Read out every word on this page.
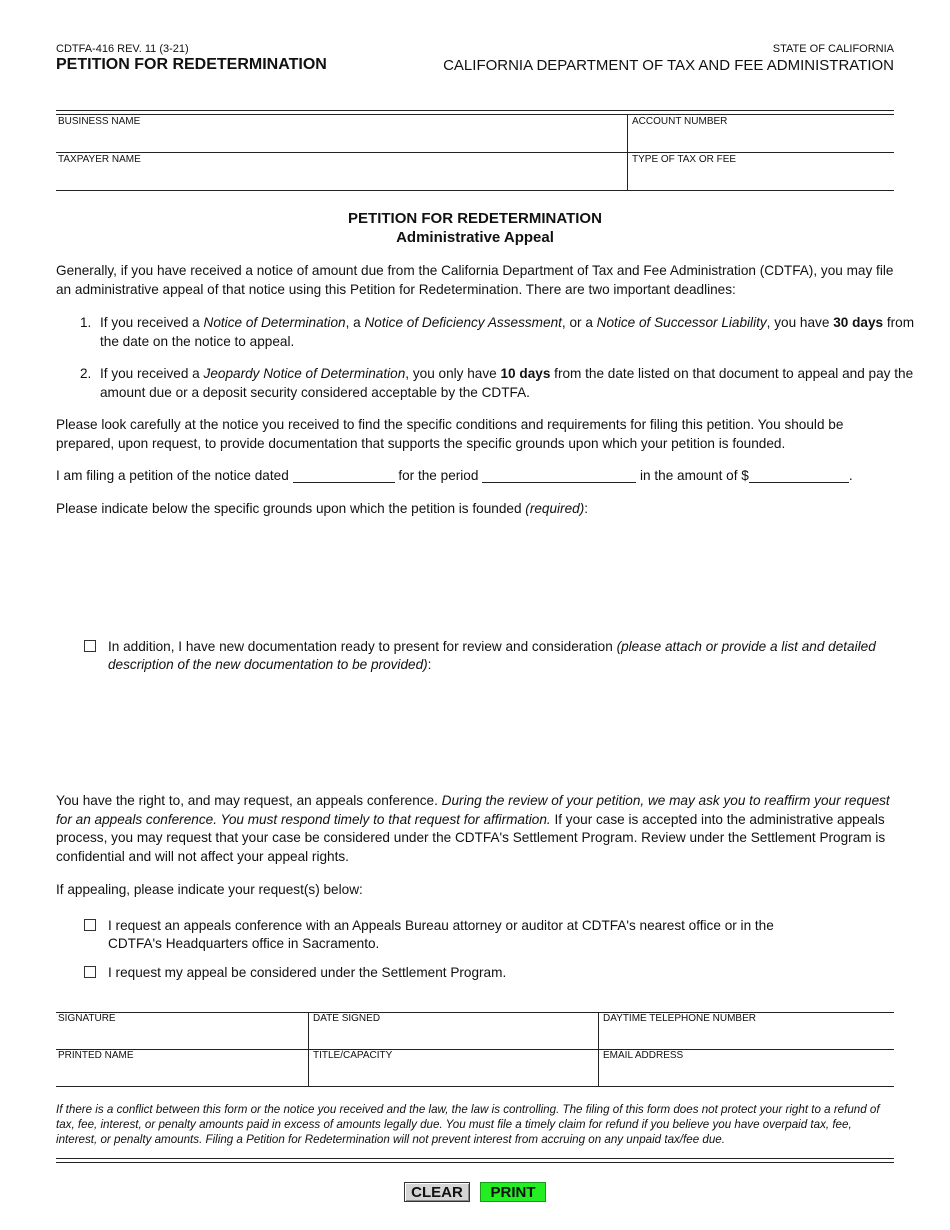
CDTFA-416 REV. 11 (3-21)
PETITION FOR REDETERMINATION
STATE OF CALIFORNIA
CALIFORNIA DEPARTMENT OF TAX AND FEE ADMINISTRATION
BUSINESS NAME	ACCOUNT NUMBER
TAXPAYER NAME	TYPE OF TAX OR FEE
PETITION FOR REDETERMINATION
Administrative Appeal
Generally, if you have received a notice of amount due from the California Department of Tax and Fee Administration (CDTFA), you may file an administrative appeal of that notice using this Petition for Redetermination. There are two important deadlines:
1. If you received a Notice of Determination, a Notice of Deficiency Assessment, or a Notice of Successor Liability, you have 30 days from the date on the notice to appeal.
2. If you received a Jeopardy Notice of Determination, you only have 10 days from the date listed on that document to appeal and pay the amount due or a deposit security considered acceptable by the CDTFA.
Please look carefully at the notice you received to find the specific conditions and requirements for filing this petition. You should be prepared, upon request, to provide documentation that supports the specific grounds upon which your petition is founded.
I am filing a petition of the notice dated	for the period	in the amount of $	.
Please indicate below the specific grounds upon which the petition is founded (required):
In addition, I have new documentation ready to present for review and consideration (please attach or provide a list and detailed description of the new documentation to be provided):
You have the right to, and may request, an appeals conference. During the review of your petition, we may ask you to reaffirm your request for an appeals conference. You must respond timely to that request for affirmation. If your case is accepted into the administrative appeals process, you may request that your case be considered under the CDTFA's Settlement Program. Review under the Settlement Program is confidential and will not affect your appeal rights.
If appealing, please indicate your request(s) below:
I request an appeals conference with an Appeals Bureau attorney or auditor at CDTFA's nearest office or in the CDTFA's Headquarters office in Sacramento.
I request my appeal be considered under the Settlement Program.
SIGNATURE	DATE SIGNED	DAYTIME TELEPHONE NUMBER
PRINTED NAME	TITLE/CAPACITY	EMAIL ADDRESS
If there is a conflict between this form or the notice you received and the law, the law is controlling. The filing of this form does not protect your right to a refund of tax, fee, interest, or penalty amounts paid in excess of amounts legally due. You must file a timely claim for refund if you believe you have overpaid tax, fee, interest, or penalty amounts. Filing a Petition for Redetermination will not prevent interest from accruing on any unpaid tax/fee due.
CLEAR	PRINT
